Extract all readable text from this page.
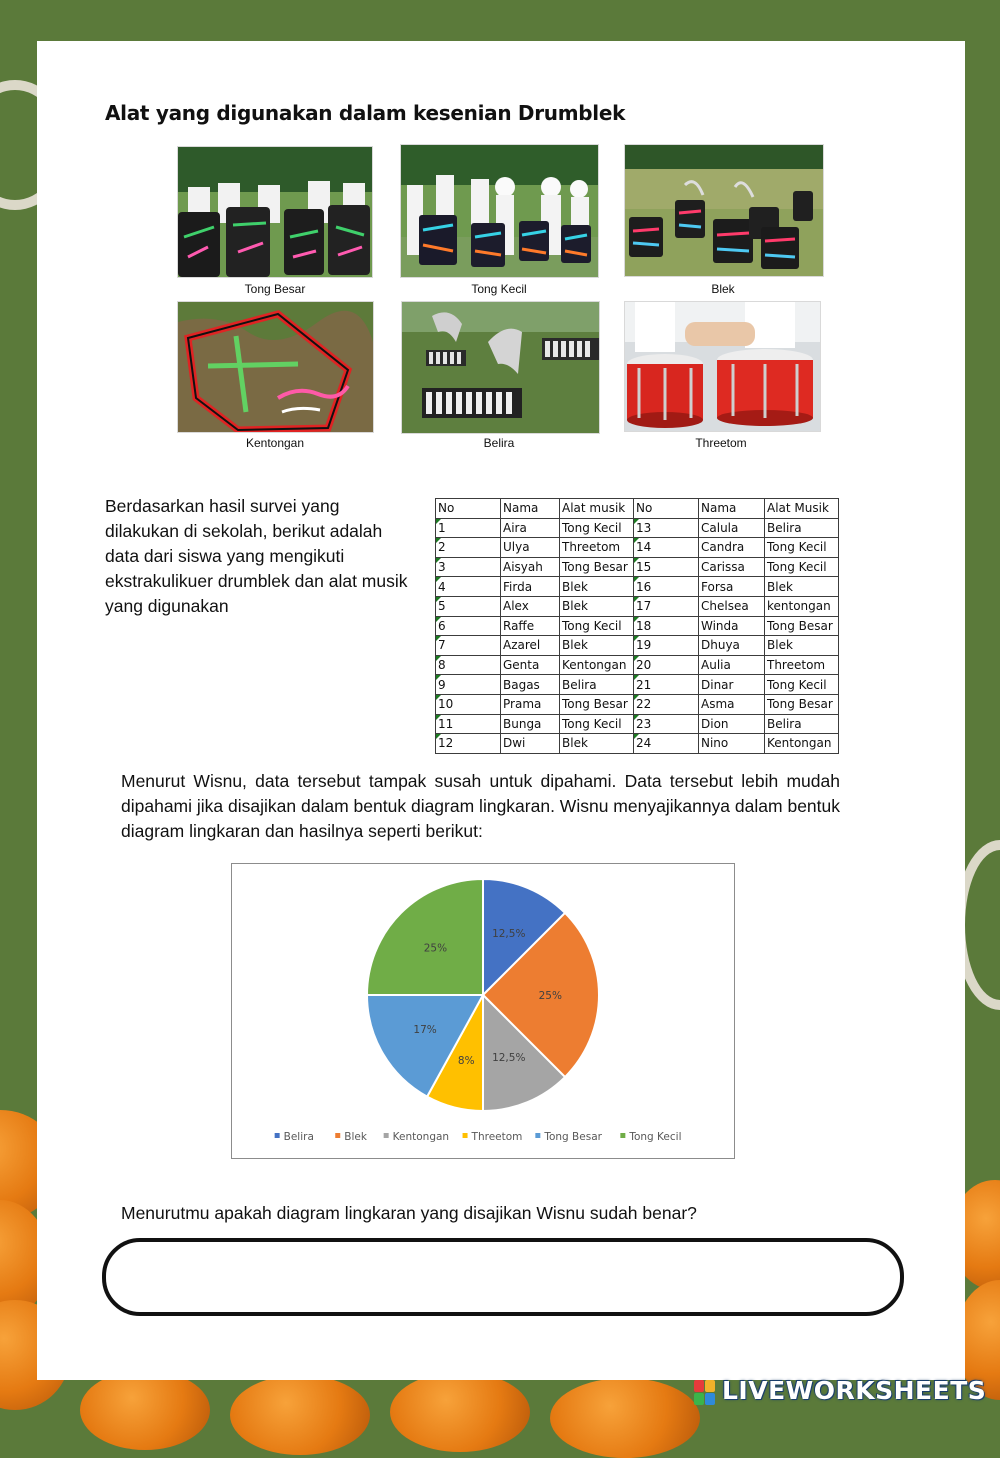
Alat yang digunakan dalam kesenian Drumblek
Tong Besar	Tong Kecil	Blek
Kentongan	Belira	Threetom
Berdasarkan hasil survei yang dilakukan di sekolah, berikut adalah data dari siswa yang mengikuti ekstrakulikuer drumblek dan alat musik yang digunakan
No	Nama	Alat musik	No	Nama	Alat Musik
1	Aira	Tong Kecil	13	Calula	Belira
2	Ulya	Threetom	14	Candra	Tong Kecil
3	Aisyah	Tong Besar	15	Carissa	Tong Kecil
4	Firda	Blek	16	Forsa	Blek
5	Alex	Blek	17	Chelsea	kentongan
6	Raffe	Tong Kecil	18	Winda	Tong Besar
7	Azarel	Blek	19	Dhuya	Blek
8	Genta	Kentongan	20	Aulia	Threetom
9	Bagas	Belira	21	Dinar	Tong Kecil
10	Prama	Tong Besar	22	Asma	Tong Besar
11	Bunga	Tong Kecil	23	Dion	Belira
12	Dwi	Blek	24	Nino	Kentongan
Menurut Wisnu, data tersebut tampak susah untuk dipahami. Data tersebut lebih mudah dipahami jika disajikan dalam bentuk diagram lingkaran. Wisnu menyajikannya dalam bentuk diagram lingkaran dan hasilnya seperti berikut:
12,5%
25%
12,5%
8%
17%
25%
Belira	Blek Kentongan Threetom Tong Besar	Tong Kecil
Menurutmu apakah diagram lingkaran yang disajikan Wisnu sudah benar?
LIVEWORKSHEETS
